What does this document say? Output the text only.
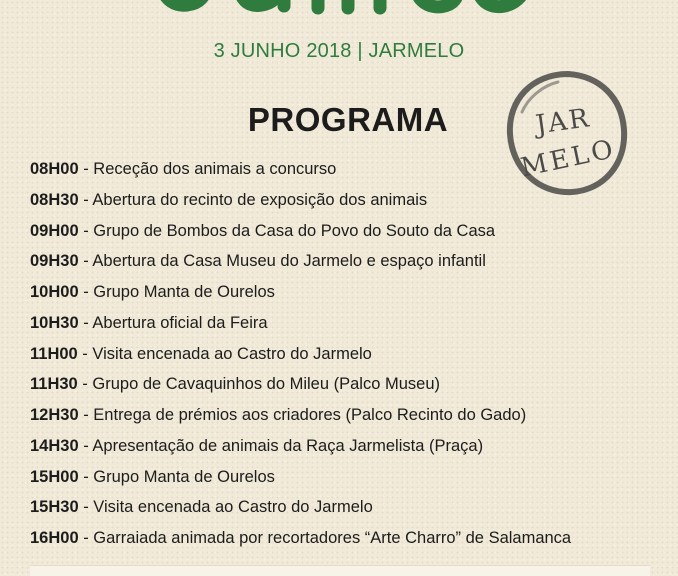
3 JUNHO 2018 | JARMELO
PROGRAMA	JAR
MELO
08H00 - Receção dos animais a concurso
08H30 - Abertura do recinto de exposição dos animais
09H00 - Grupo de Bombos da Casa do Povo do Souto da Casa
09H30 - Abertura da Casa Museu do Jarmelo e espaço infantil
10H00 - Grupo Manta de Ourelos
10H30 - Abertura oficial da Feira
11H00 - Visita encenada ao Castro do Jarmelo
11H30 - Grupo de Cavaquinhos do Mileu (Palco Museu)
12H30 - Entrega de prémios aos criadores (Palco Recinto do Gado)
14H30 - Apresentação de animais da Raça Jarmelista (Praça)
15H00 - Grupo Manta de Ourelos
15H30 - Visita encenada ao Castro do Jarmelo
16H00 - Garraiada animada por recortadores “Arte Charro” de Salamanca
